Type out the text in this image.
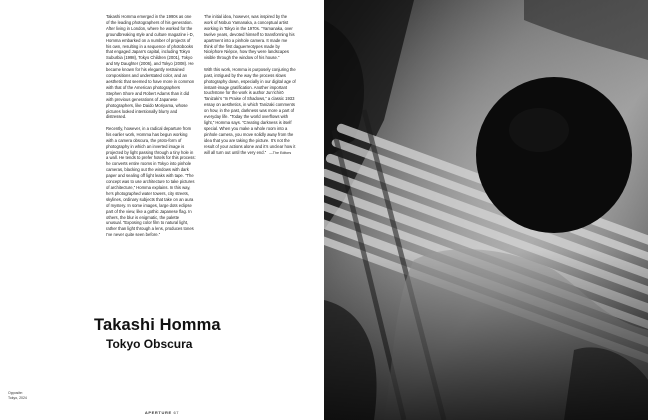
Takashi Homma emerged in the 1990s as one of the leading photographers of his generation. After living in London, where he worked for the groundbreaking style and culture magazine i-D, Homma embarked on a number of projects of his own, resulting in a sequence of photobooks that engaged Japan's capital, including Tokyo Suburbia (1998), Tokyo Children (2001), Tokyo and My Daughter (2006), and Tokyo (2008). He became known for his elegantly restrained compositions and understated color, and an aesthetic that seemed to have more in common with that of the American photographers Stephen Shore and Robert Adams than it did with previous generations of Japanese photographers, like Daido Moriyama, whose pictures looked intentionally blurry and distressed.

Recently, however, in a radical departure from his earlier work, Homma has begun working with a camera obscura, the proto-form of photography in which an inverted image is projected by light passing through a tiny hole in a wall. He tends to prefer hotels for this process: he converts entire rooms in Tokyo into pinhole cameras, blacking out the windows with dark paper and sealing off light leaks with tape. “The concept was to use architecture to take pictures of architecture,” Homma explains. In this way, he's photographed water towers, city streets, skylines, ordinary subjects that take on an aura of mystery. In some images, large dots eclipse part of the view, like a gothic Japanese flag. In others, the blur is enigmatic, the palette unusual. “Exposing color film to natural light, rather than light through a lens, produces tones I've never quite seen before.”

The initial idea, however, was inspired by the work of Nobuo Yamanaka, a conceptual artist working in Tokyo in the 1970s. “Yamanaka, over twelve years, devoted himself to transforming his apartment into a pinhole camera. It made me think of the first daguerreotypes made by Nicéphore Niépce, how they were landscapes visible through the window of his house.”

With this work, Homma is purposely conjuring the past, intrigued by the way the process slows photography down, especially in our digital age of instant-image gratification. Another important touchstone for the work is author Jun’ichirō Tanizaki’s “In Praise of Shadows,” a classic 1933 essay on aesthetics, in which Tanizaki comments on how, in the past, darkness was more a part of everyday life. “Today the world overflows with light,” Homma says. “Creating darkness is itself special. When you make a whole room into a pinhole camera, you move solidly away from the idea that you are taking the picture. It’s not the result of your actions alone and it’s unclear how it will all turn out until the very end.” —The Editors

Takashi Homma
Tokyo Obscura
Opposite:
Tokyo, 2024
APERTURE 67
